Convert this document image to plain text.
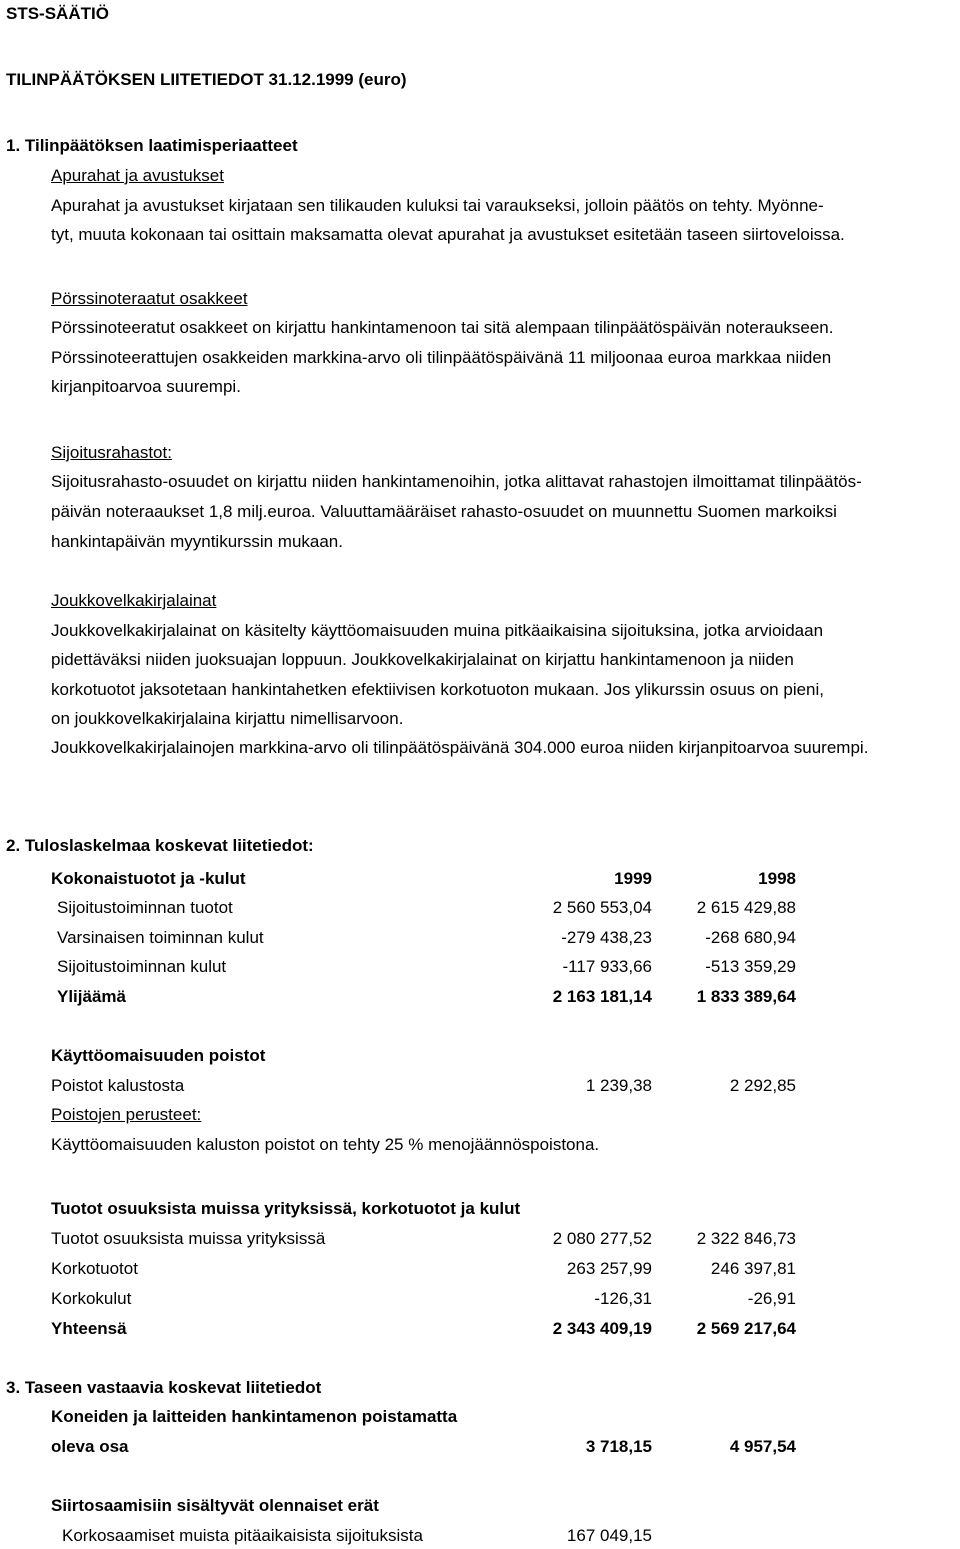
STS-SÄÄTIÖ
TILINPÄÄTÖKSEN LIITETIEDOT 31.12.1999 (euro)
1. Tilinpäätöksen laatimisperiaatteet
Apurahat ja avustukset
Apurahat ja avustukset kirjataan sen tilikauden kuluksi tai varaukseksi, jolloin päätös on tehty. Myönne-
tyt, muuta kokonaan tai osittain maksamatta olevat apurahat ja avustukset esitetään taseen siirtoveloissa.
Pörssinoteraatut osakkeet
Pörssinoteeratut osakkeet on kirjattu hankintamenoon tai sitä alempaan tilinpäätöspäivän noteraukseen.
Pörssinoteerattujen osakkeiden markkina-arvo oli tilinpäätöspäivänä 11 miljoonaa euroa markkaa niiden
kirjanpitoarvoa suurempi.
Sijoitusrahastot:
Sijoitusrahasto-osuudet on kirjattu niiden hankintamenoihin, jotka alittavat rahastojen ilmoittamat tilinpäätös-
päivän noteraaukset 1,8 milj.euroa. Valuuttamääräiset rahasto-osuudet on muunnettu Suomen markoiksi
hankintapäivän myyntikurssin mukaan.
Joukkovelkakirjalainat
Joukkovelkakirjalainat on käsitelty käyttöomaisuuden muina pitkäaikaisina sijoituksina, jotka arvioidaan
pidettäväksi niiden juoksuajan loppuun. Joukkovelkakirjalainat on kirjattu hankintamenoon ja niiden
korkotuotot jaksotetaan hankintahetken efektiivisen korkotuoton mukaan. Jos ylikurssin osuus on pieni,
on joukkovelkakirjalaina kirjattu nimellisarvoon.
Joukkovelkakirjalainojen markkina-arvo oli tilinpäätöspäivänä 304.000 euroa niiden kirjanpitoarvoa suurempi.
2. Tuloslaskelmaa koskevat liitetiedot:
Kokonaistuotot ja -kulut	1999	1998
Sijoitustoiminnan tuotot	2 560 553,04	2 615 429,88
Varsinaisen toiminnan kulut	-279 438,23	-268 680,94
Sijoitustoiminnan kulut	-117 933,66	-513 359,29
Ylijäämä	2 163 181,14	1 833 389,64
Käyttöomaisuuden poistot
Poistot kalustosta	1 239,38	2 292,85
Poistojen perusteet:
Käyttöomaisuuden kaluston poistot on tehty 25 % menojäännöspoistona.
Tuotot osuuksista muissa yrityksissä, korkotuotot ja kulut
Tuotot osuuksista muissa yrityksissä	2 080 277,52	2 322 846,73
Korkotuotot	263 257,99	246 397,81
Korkokulut	-126,31	-26,91
Yhteensä	2 343 409,19	2 569 217,64
3. Taseen vastaavia koskevat liitetiedot
Koneiden ja laitteiden hankintamenon poistamatta
oleva osa	3 718,15	4 957,54
Siirtosaamisiin sisältyvät olennaiset erät
Korkosaamiset muista pitäaikaisista sijoituksista	167 049,15
